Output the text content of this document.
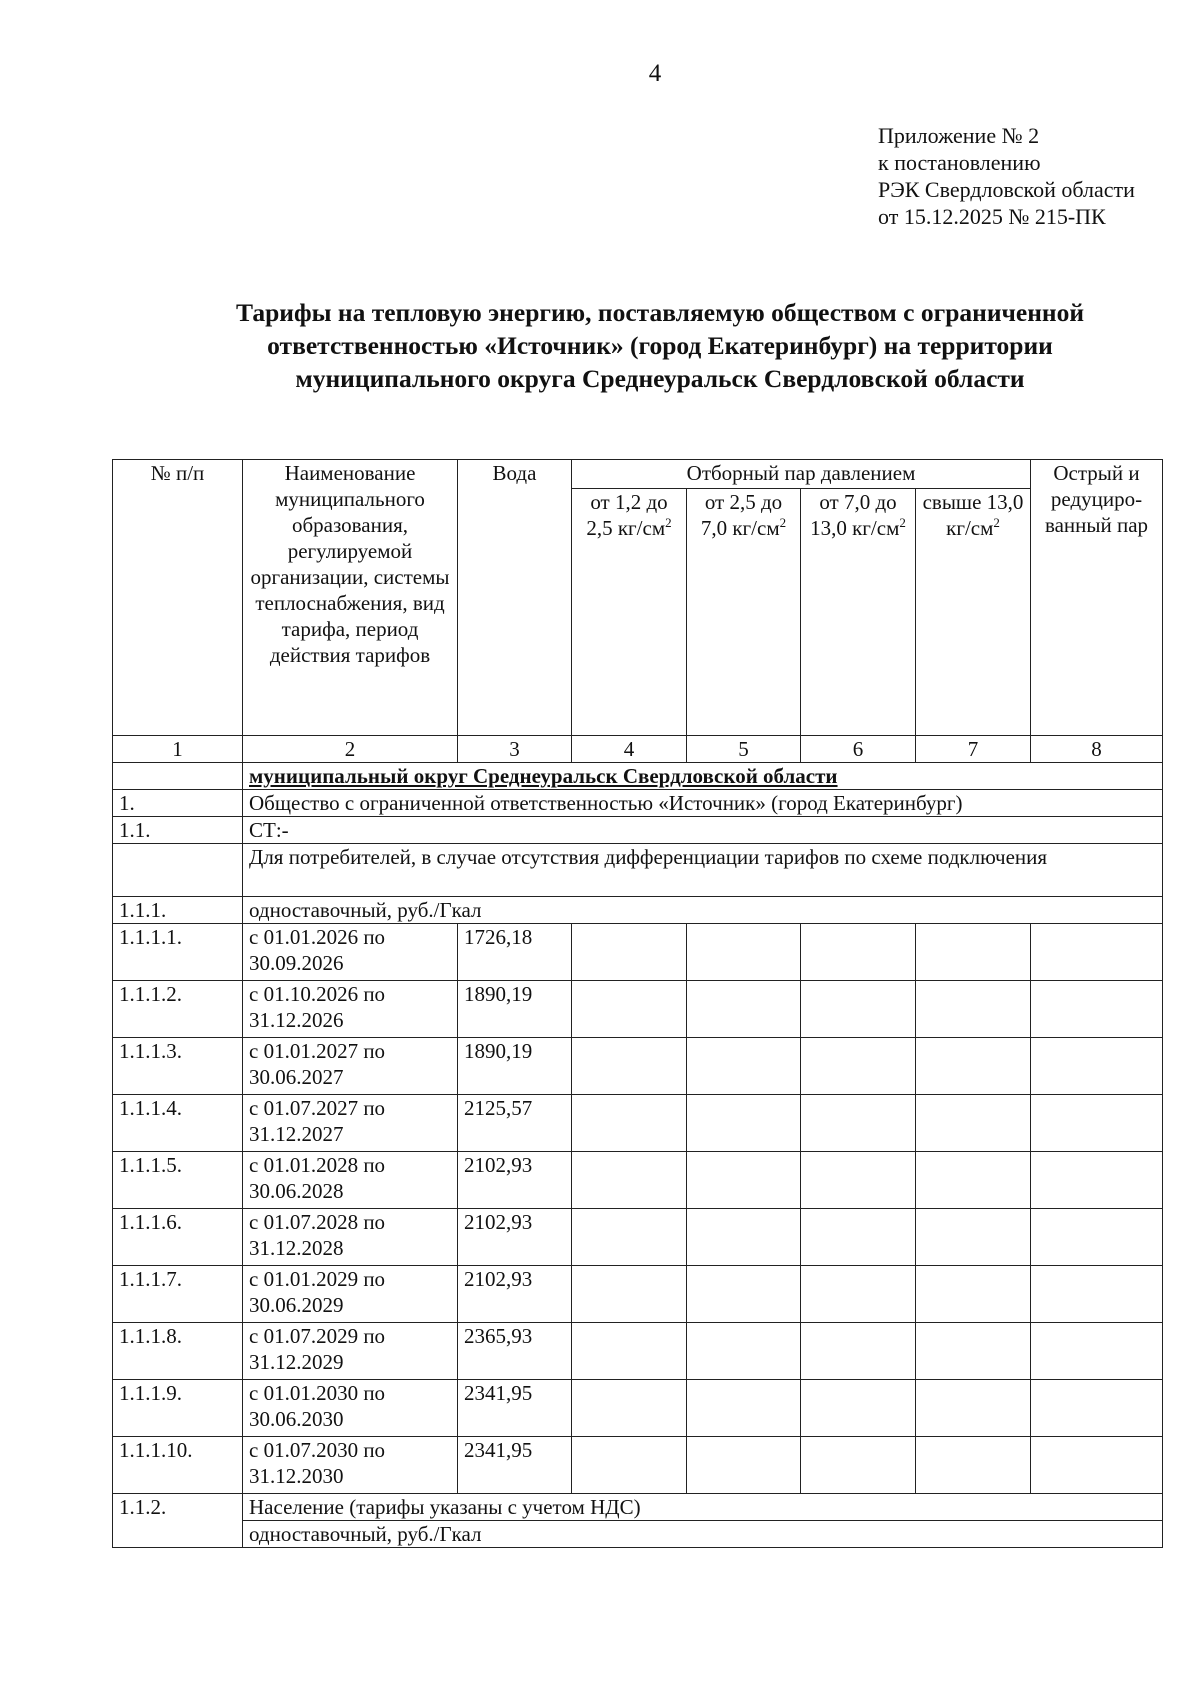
4
Приложение № 2
к постановлению
РЭК Свердловской области
от 15.12.2025 № 215-ПК
Тарифы на тепловую энергию, поставляемую обществом с ограниченной
ответственностью «Источник» (город Екатеринбург) на территории
муниципального округа Среднеуральск Свердловской области
№ п/п	Наименование муниципального образования, регулируемой организации, системы теплоснабжения, вид тарифа, период действия тарифов	Вода	Отборный пар давлением				Острый и редуциро-ванный пар
			от 1,2 до 2,5 $кг/см^2$	от 2,5 до 7,0 $кг/см^2$	от 7,0 до 13,0 $кг/см^2$	свыше 13,0 $кг/см^2$
1	2	3	4	5	6	7	8
	муниципальный округ Среднеуральск Свердловской области						
1.	Общество с ограниченной ответственностью «Источник» (город Екатеринбург)						
1.1.	СТ:-						
	Для потребителей, в случае отсутствия дифференциации тарифов по схеме подключения						
1.1.1.	одноставочный, руб./Гкал						
1.1.1.1.	с 01.01.2026 по 30.09.2026	1726,18					
1.1.1.2.	с 01.10.2026 по 31.12.2026	1890,19					
1.1.1.3.	с 01.01.2027 по 30.06.2027	1890,19					
1.1.1.4.	с 01.07.2027 по 31.12.2027	2125,57					
1.1.1.5.	с 01.01.2028 по 30.06.2028	2102,93					
1.1.1.6.	с 01.07.2028 по 31.12.2028	2102,93					
1.1.1.7.	с 01.01.2029 по 30.06.2029	2102,93					
1.1.1.8.	с 01.07.2029 по 31.12.2029	2365,93					
1.1.1.9.	с 01.01.2030 по 30.06.2030	2341,95					
1.1.1.10.	с 01.07.2030 по 31.12.2030	2341,95					
1.1.2.	Население (тарифы указаны с учетом НДС)						
	одноставочный, руб./Гкал						
